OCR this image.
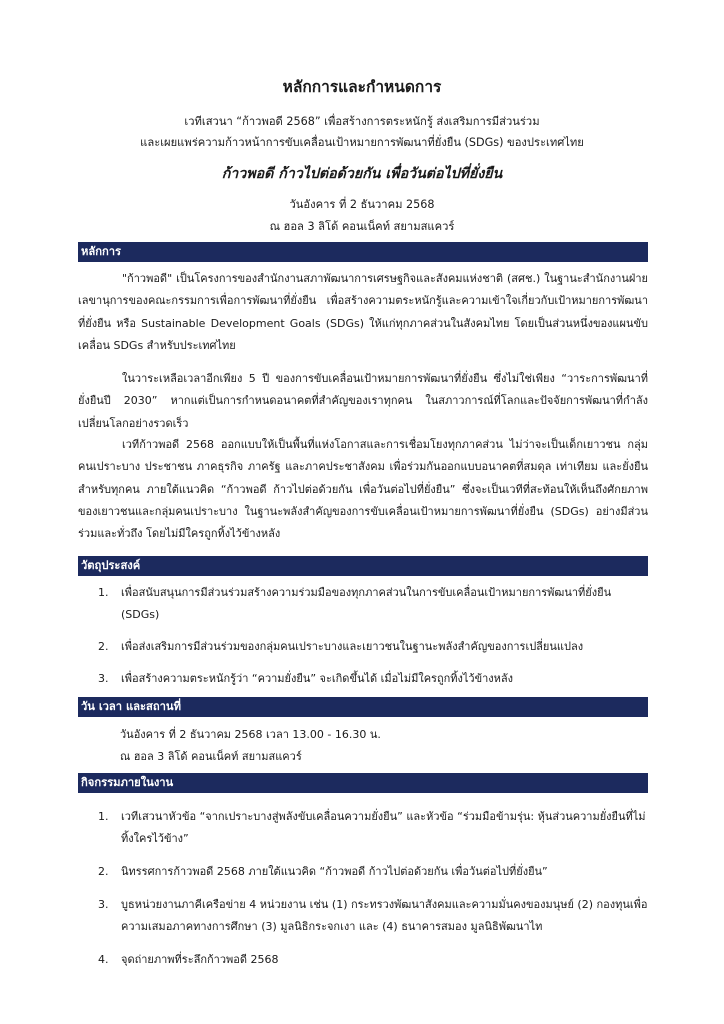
หลักการและกำหนดการ
เวทีเสวนา “ก้าวพอดี 2568” เพื่อสร้างการตระหนักรู้ ส่งเสริมการมีส่วนร่วม
และเผยแพร่ความก้าวหน้าการขับเคลื่อนเป้าหมายการพัฒนาที่ยั่งยืน (SDGs) ของประเทศไทย
ก้าวพอดี ก้าวไปต่อด้วยกัน เพื่อวันต่อไปที่ยั่งยืน
วันอังคาร ที่ 2 ธันวาคม 2568
ณ ฮอล 3 ลิโด้ คอนเน็คท์ สยามสแควร์
หลักการ

"ก้าวพอดี" เป็นโครงการของสำนักงานสภาพัฒนาการเศรษฐกิจและสังคมแห่งชาติ (สศช.) ในฐานะสำนักงานฝ่ายเลขานุการของคณะกรรมการเพื่อการพัฒนาที่ยั่งยืน เพื่อสร้างความตระหนักรู้และความเข้าใจเกี่ยวกับเป้าหมายการพัฒนาที่ยั่งยืน หรือ Sustainable Development Goals (SDGs) ให้แก่ทุกภาคส่วนในสังคมไทย โดยเป็นส่วนหนึ่งของแผนขับเคลื่อน SDGs สำหรับประเทศไทย

ในวาระเหลือเวลาอีกเพียง 5 ปี ของการขับเคลื่อนเป้าหมายการพัฒนาที่ยั่งยืน ซึ่งไม่ใช่เพียง “วาระการพัฒนาที่ยั่งยืนปี 2030” หากแต่เป็นการกำหนดอนาคตที่สำคัญของเราทุกคน ในสภาวการณ์ที่โลกและปัจจัยการพัฒนาที่กำลังเปลี่ยนโลกอย่างรวดเร็ว

เวทีก้าวพอดี 2568 ออกแบบให้เป็นพื้นที่แห่งโอกาสและการเชื่อมโยงทุกภาคส่วน ไม่ว่าจะเป็นเด็กเยาวชน กลุ่มคนเปราะบาง ประชาชน ภาคธุรกิจ ภาครัฐ และภาคประชาสังคม เพื่อร่วมกันออกแบบอนาคตที่สมดุล เท่าเทียม และยั่งยืนสำหรับทุกคน ภายใต้แนวคิด “ก้าวพอดี ก้าวไปต่อด้วยกัน เพื่อวันต่อไปที่ยั่งยืน” ซึ่งจะเป็นเวทีที่สะท้อนให้เห็นถึงศักยภาพของเยาวชนและกลุ่มคนเปราะบาง ในฐานะพลังสำคัญของการขับเคลื่อนเป้าหมายการพัฒนาที่ยั่งยืน (SDGs) อย่างมีส่วนร่วมและทั่วถึง โดยไม่มีใครถูกทิ้งไว้ข้างหลัง

วัตถุประสงค์
1. เพื่อสนับสนุนการมีส่วนร่วมสร้างความร่วมมือของทุกภาคส่วนในการขับเคลื่อนเป้าหมายการพัฒนาที่ยั่งยืน (SDGs)
2. เพื่อส่งเสริมการมีส่วนร่วมของกลุ่มคนเปราะบางและเยาวชนในฐานะพลังสำคัญของการเปลี่ยนแปลง
3. เพื่อสร้างความตระหนักรู้ว่า “ความยั่งยืน” จะเกิดขึ้นได้ เมื่อไม่มีใครถูกทิ้งไว้ข้างหลัง
วัน เวลา และสถานที่
วันอังคาร ที่ 2 ธันวาคม 2568 เวลา 13.00 - 16.30 น.
ณ ฮอล 3 ลิโด้ คอนเน็คท์ สยามสแควร์
กิจกรรมภายในงาน
1. เวทีเสวนาหัวข้อ “จากเปราะบางสู่พลังขับเคลื่อนความยั่งยืน” และหัวข้อ “ร่วมมือข้ามรุ่น: หุ้นส่วนความยั่งยืนที่ไม่ทิ้งใครไว้ข้าง”
2. นิทรรศการก้าวพอดี 2568 ภายใต้แนวคิด “ก้าวพอดี ก้าวไปต่อด้วยกัน เพื่อวันต่อไปที่ยั่งยืน”
3. บูธหน่วยงานภาคีเครือข่าย 4 หน่วยงาน เช่น (1) กระทรวงพัฒนาสังคมและความมั่นคงของมนุษย์ (2) กองทุนเพื่อความเสมอภาคทางการศึกษา (3) มูลนิธิกระจกเงา และ (4) ธนาคารสมอง มูลนิธิพัฒนาไท
4. จุดถ่ายภาพที่ระลึกก้าวพอดี 2568
